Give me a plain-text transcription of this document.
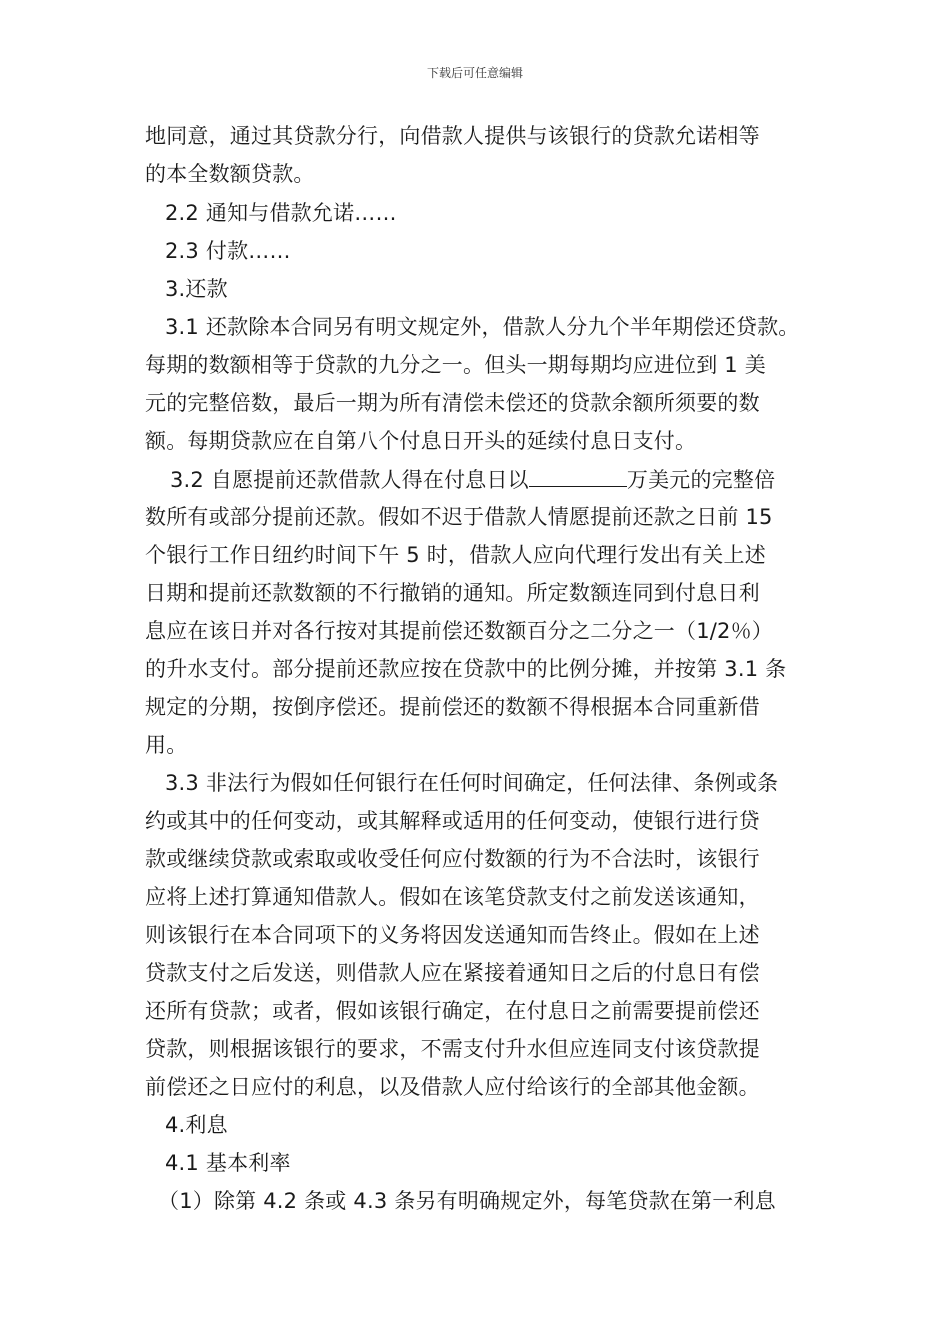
下载后可任意编辑
地同意，通过其贷款分行，向借款人提供与该银行的贷款允诺相等
的本全数额贷款。
2.2 通知与借款允诺……
2.3 付款……
3.还款
3.1 还款除本合同另有明文规定外，借款人分九个半年期偿还贷款。
每期的数额相等于贷款的九分之一。但头一期每期均应进位到 1 美
元的完整倍数，最后一期为所有清偿未偿还的贷款余额所须要的数
额。每期贷款应在自第八个付息日开头的延续付息日支付。
3.2 自愿提前还款借款人得在付息日以	万美元的完整倍
数所有或部分提前还款。假如不迟于借款人情愿提前还款之日前 15
个银行工作日纽约时间下午 5 时，借款人应向代理行发出有关上述
日期和提前还款数额的不行撤销的通知。所定数额连同到付息日利
息应在该日并对各行按对其提前偿还数额百分之二分之一（1/2％）
的升水支付。部分提前还款应按在贷款中的比例分摊，并按第 3.1 条
规定的分期，按倒序偿还。提前偿还的数额不得根据本合同重新借
用。
3.3 非法行为假如任何银行在任何时间确定，任何法律、条例或条
约或其中的任何变动，或其解释或适用的任何变动，使银行进行贷
款或继续贷款或索取或收受任何应付数额的行为不合法时，该银行
应将上述打算通知借款人。假如在该笔贷款支付之前发送该通知，
则该银行在本合同项下的义务将因发送通知而告终止。假如在上述
贷款支付之后发送，则借款人应在紧接着通知日之后的付息日有偿
还所有贷款；或者，假如该银行确定，在付息日之前需要提前偿还
贷款，则根据该银行的要求，不需支付升水但应连同支付该贷款提
前偿还之日应付的利息，以及借款人应付给该行的全部其他金额。
4.利息
4.1 基本利率
（1）除第 4.2 条或 4.3 条另有明确规定外，每笔贷款在第一利息
